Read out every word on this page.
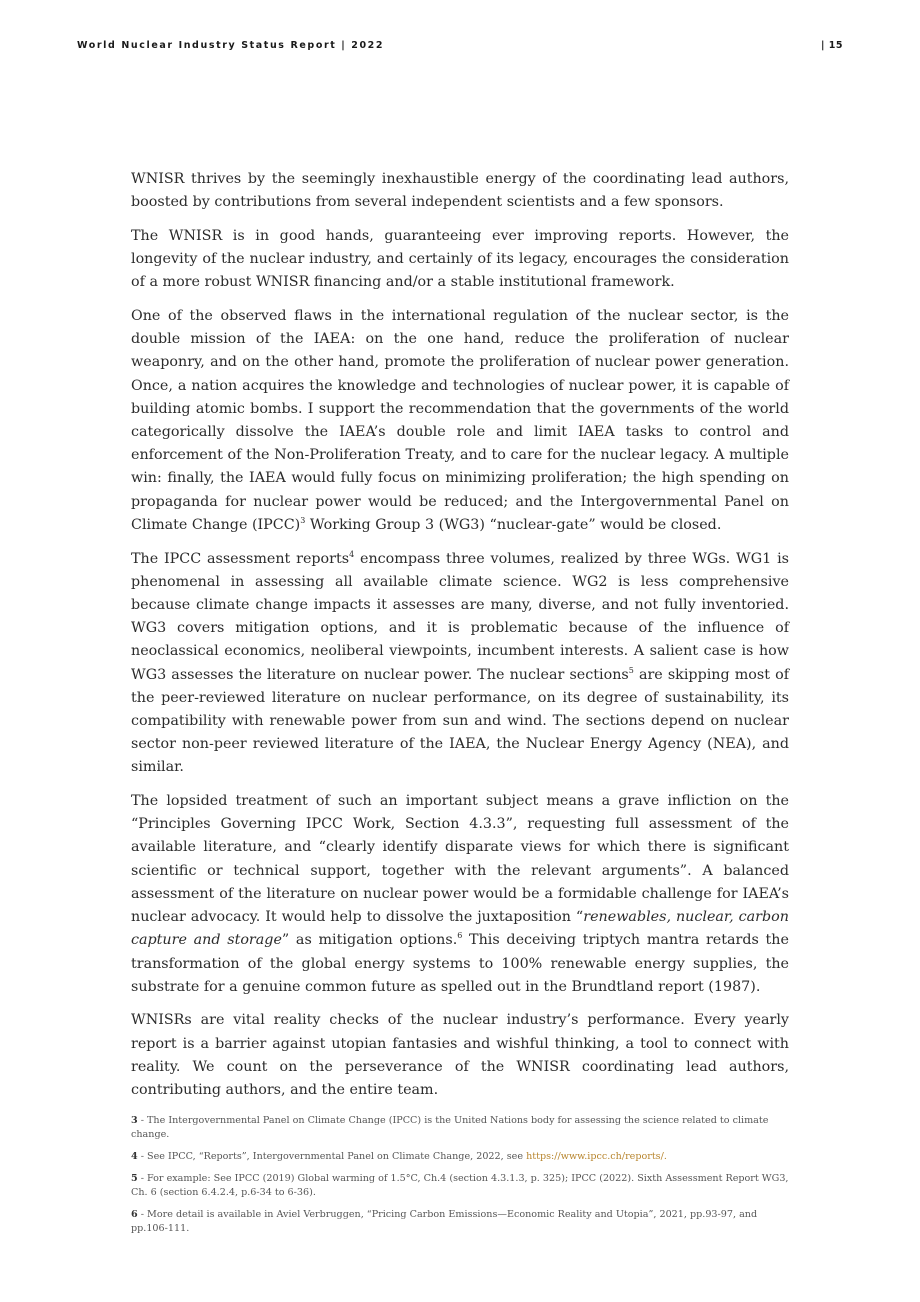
World Nuclear Industry Status Report | 2022	| 15

WNISR thrives by the seemingly inexhaustible energy of the coordinating lead authors, boosted by contributions from several independent scientists and a few sponsors.

The WNISR is in good hands, guaranteeing ever improving reports. However, the longevity of the nuclear industry, and certainly of its legacy, encourages the consideration of a more robust WNISR financing and/or a stable institutional framework.

One of the observed flaws in the international regulation of the nuclear sector, is the double mission of the IAEA: on the one hand, reduce the proliferation of nuclear weaponry, and on the other hand, promote the proliferation of nuclear power generation. Once, a nation acquires the knowledge and technologies of nuclear power, it is capable of building atomic bombs. I support the recommendation that the governments of the world categorically dissolve the IAEA’s double role and limit IAEA tasks to control and enforcement of the Non-Proliferation Treaty, and to care for the nuclear legacy. A multiple win: finally, the IAEA would fully focus on minimizing proliferation; the high spending on propaganda for nuclear power would be reduced; and the Intergovernmental Panel on Climate Change (IPCC)$^3$ Working Group 3 (WG3) “nuclear-gate” would be closed.

The IPCC assessment reports$^4$ encompass three volumes, realized by three WGs. WG1 is phenomenal in assessing all available climate science. WG2 is less comprehensive because climate change impacts it assesses are many, diverse, and not fully inventoried. WG3 covers mitigation options, and it is problematic because of the influence of neoclassical economics, neoliberal viewpoints, incumbent interests. A salient case is how WG3 assesses the literature on nuclear power. The nuclear sections$^5$ are skipping most of the peer-reviewed literature on nuclear performance, on its degree of sustainability, its compatibility with renewable power from sun and wind. The sections depend on nuclear sector non-peer reviewed literature of the IAEA, the Nuclear Energy Agency (NEA), and similar.

The lopsided treatment of such an important subject means a grave infliction on the “Principles Governing IPCC Work, Section 4.3.3”, requesting full assessment of the available literature, and “clearly identify disparate views for which there is significant scientific or technical support, together with the relevant arguments”. A balanced assessment of the literature on nuclear power would be a formidable challenge for IAEA’s nuclear advocacy. It would help to dissolve the juxtaposition “renewables, nuclear, carbon capture and storage” as mitigation options.$^6$ This deceiving triptych mantra retards the transformation of the global energy systems to 100% renewable energy supplies, the substrate for a genuine common future as spelled out in the Brundtland report (1987).

WNISRs are vital reality checks of the nuclear industry’s performance. Every yearly report is a barrier against utopian fantasies and wishful thinking, a tool to connect with reality. We count on the perseverance of the WNISR coordinating lead authors, contributing authors, and the entire team.

3 - The Intergovernmental Panel on Climate Change (IPCC) is the United Nations body for assessing the science related to climate change.

4 - See IPCC, “Reports”, Intergovernmental Panel on Climate Change, 2022, see https://www.ipcc.ch/reports/.

5 - For example: See IPCC (2019) Global warming of 1.5°C, Ch.4 (section 4.3.1.3, p. 325); IPCC (2022). Sixth Assessment Report WG3, Ch. 6 (section 6.4.2.4, p.6-34 to 6-36).

6 - More detail is available in Aviel Verbruggen, “Pricing Carbon Emissions—Economic Reality and Utopia”, 2021, pp.93-97, and pp.106-111.
